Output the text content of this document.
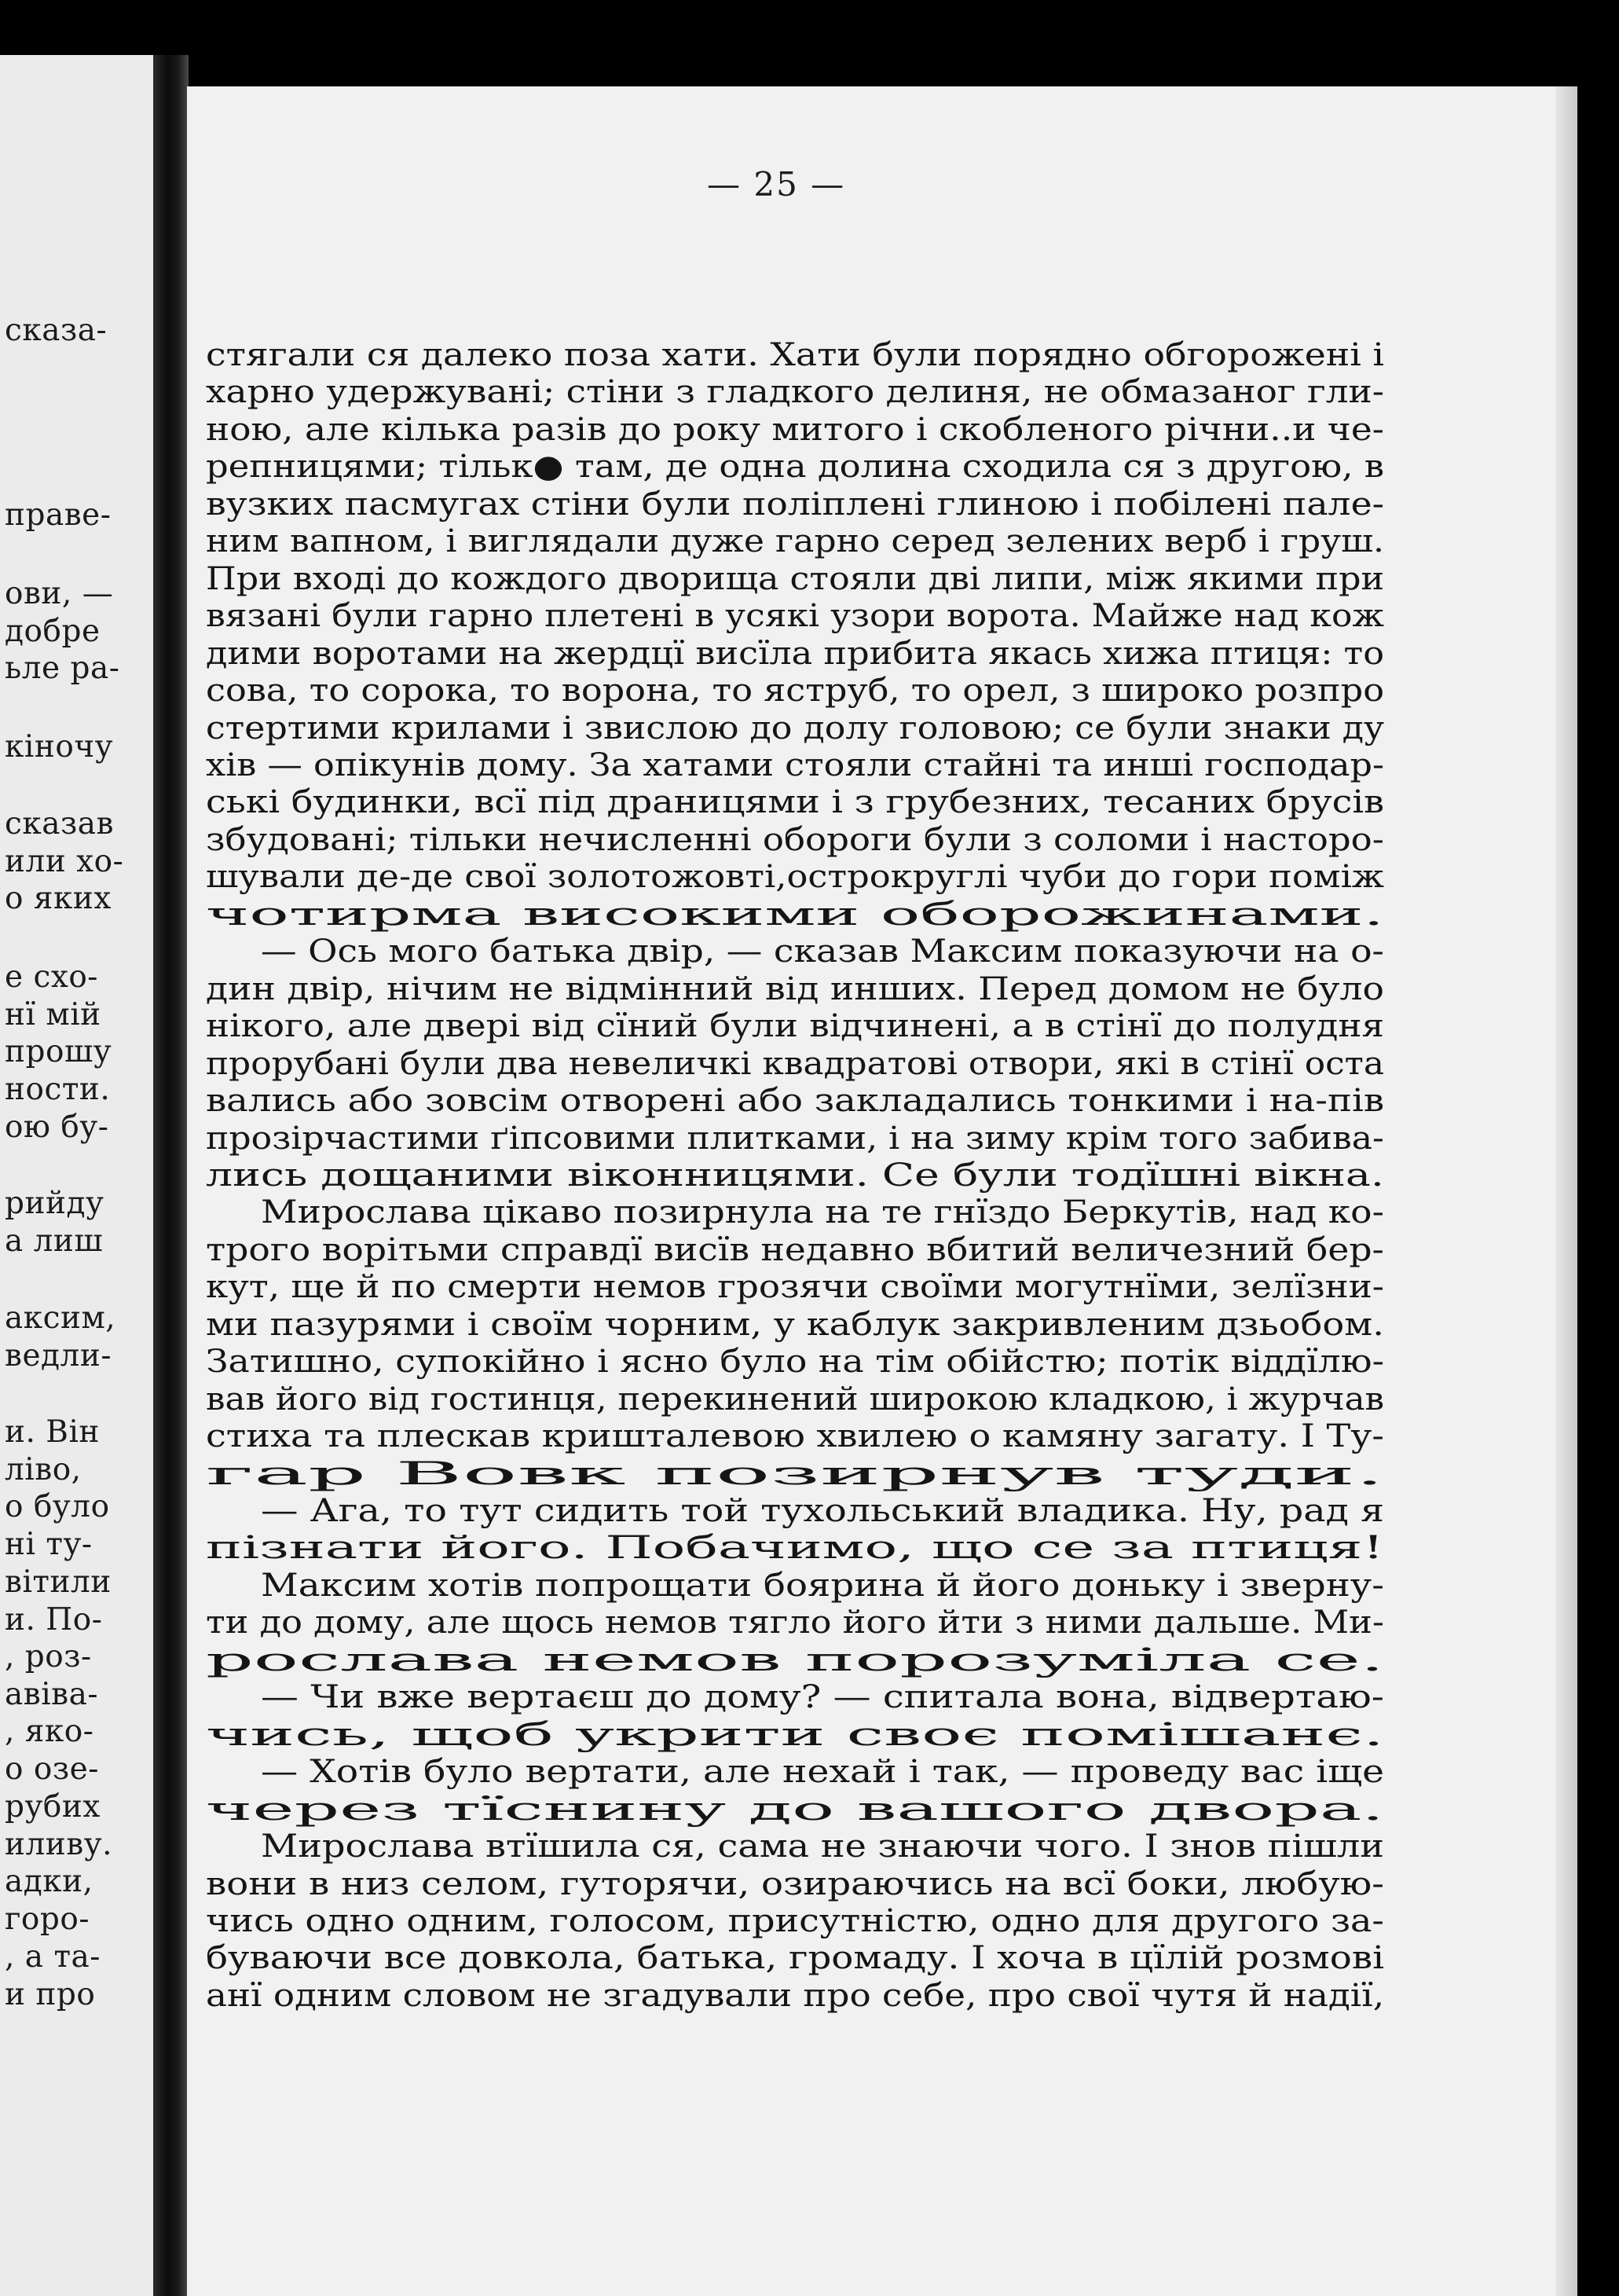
— 25 —
сказа-
праве-
ови, —
добре
ьле ра-
кіночу
сказав
или хо-
о яких
е схо-
нї мій
прошу
ности.
ою бу-
рийду
а лиш
аксим,
ведли-
и. Він
ліво,
о було
ні ту-
вітили
и. По-
, роз-
авіва-
, яко-
о озе-
рубих
иливу.
адки,
горо-
, а та-
и про
стягали ся далеко поза хати. Хати були порядно обгорожені і
харно удержувані; стіни з гладкого делиня, не обмазаног гли-
ною, але кілька разів до року митого і скобленого річни..и че-
репницями; тільк● там, де одна долина сходила ся з другою, в
вузких пасмугах стіни були поліплені глиною і побілені пале-
ним вапном, і виглядали дуже гарно серед зелених верб і груш.
При вході до кождого дворища стояли дві липи, між якими при
вязані були гарно плетені в усякі узори ворота. Майже над кож
дими воротами на жердцї висїла прибита якась хижа птиця: то
сова, то сорока, то ворона, то яструб, то орел, з широко розпро
стертими крилами і звислою до долу головою; се були знаки ду
хів — опікунів дому. За хатами стояли стайні та инші господар-
ські будинки, всї під драницями і з грубезних, тесаних брусів
збудовані; тільки нечисленні обороги були з соломи і насторо-
шували де-де свої золотожовті,острокруглі чуби до гори поміж
чотирма високими оборожинами.
— Ось мого батька двір, — сказав Максим показуючи на о-
дин двір, нічим не відмінний від инших. Перед домом не було
нікого, але двері від сїний були відчинені, а в стінї до полудня
прорубані були два невеличкі квадратові отвори, які в стінї оста
вались або зовсім отворені або закладались тонкими і на-пів
прозірчастими ґіпсовими плитками, і на зиму крім того забива-
лись дощаними віконницями. Се були тодїшні вікна.
Мирослава цікаво позирнула на те гнїздо Беркутів, над ко-
трого ворітьми справдї висїв недавно вбитий величезний бер-
кут, ще й по смерти немов грозячи своїми могутнїми, зелїзни-
ми пазурями і своїм чорним, у каблук закривленим дзьобом.
Затишно, супокійно і ясно було на тім обійстю; потік віддїлю-
вав його від гостинця, перекинений широкою кладкою, і журчав
стиха та плескав кришталевою хвилею о камяну загату. І Ту-
гар Вовк позирнув туди.
— Ага, то тут сидить той тухольський владика. Ну, рад я
пізнати його. Побачимо, що се за птиця!
Максим хотів попрощати боярина й його доньку і зверну-
ти до дому, але щось немов тягло його йти з ними дальше. Ми-
рослава немов порозуміла се.
— Чи вже вертаєш до дому? — спитала вона, відвертаю-
чись, щоб укрити своє помішанє.
— Хотів було вертати, але нехай і так, — проведу вас іще
через тїснину до вашого двора.
Мирослава втїшила ся, сама не знаючи чого. І знов пішли
вони в низ селом, гуторячи, озираючись на всї боки, любую-
чись одно одним, голосом, присутністю, одно для другого за-
буваючи все довкола, батька, громаду. І хоча в цїлій розмові
анї одним словом не згадували про себе, про свої чутя й надії,
